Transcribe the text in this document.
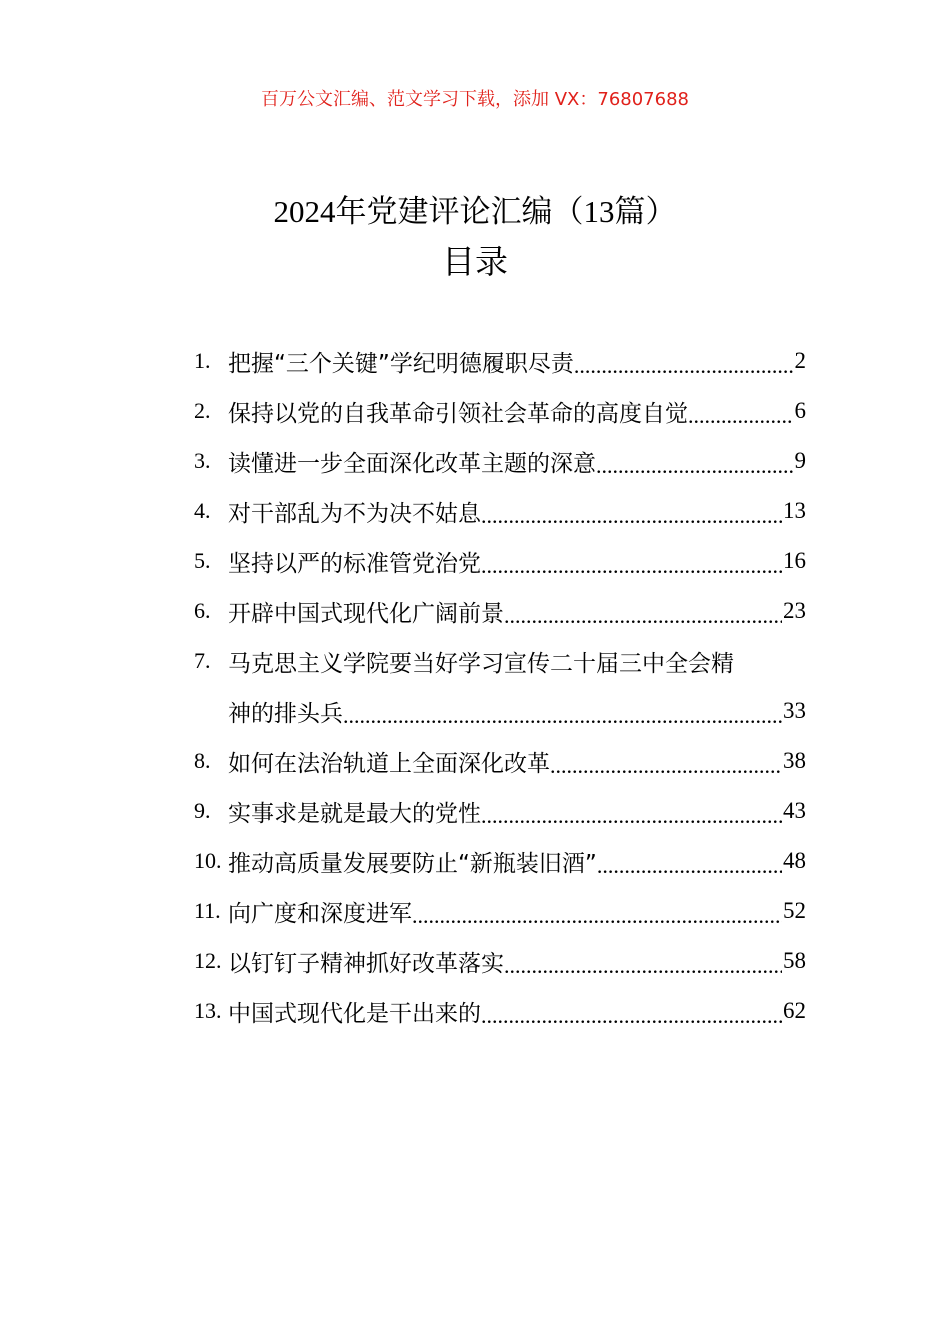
百万公文汇编、范文学习下载，添加 VX：76807688
2024年党建评论汇编（13篇）
目录
1. 把握“三个关键”学纪明德履职尽责 .....	2
2. 保持以党的自我革命引领社会革命的高度自觉 .....	6
3. 读懂进一步全面深化改革主题的深意 .....	9
4. 对干部乱为不为决不姑息 .....	13
5. 坚持以严的标准管党治党 .....	16
6. 开辟中国式现代化广阔前景 .....	23
7. 马克思主义学院要当好学习宣传二十届三中全会精
神的排头兵 .....	33
8. 如何在法治轨道上全面深化改革 .....	38
9. 实事求是就是最大的党性 .....	43
10. 推动高质量发展要防止“新瓶装旧酒” .....	48
11. 向广度和深度进军 .....	52
12. 以钉钉子精神抓好改革落实 .....	58
13. 中国式现代化是干出来的 .....	62
